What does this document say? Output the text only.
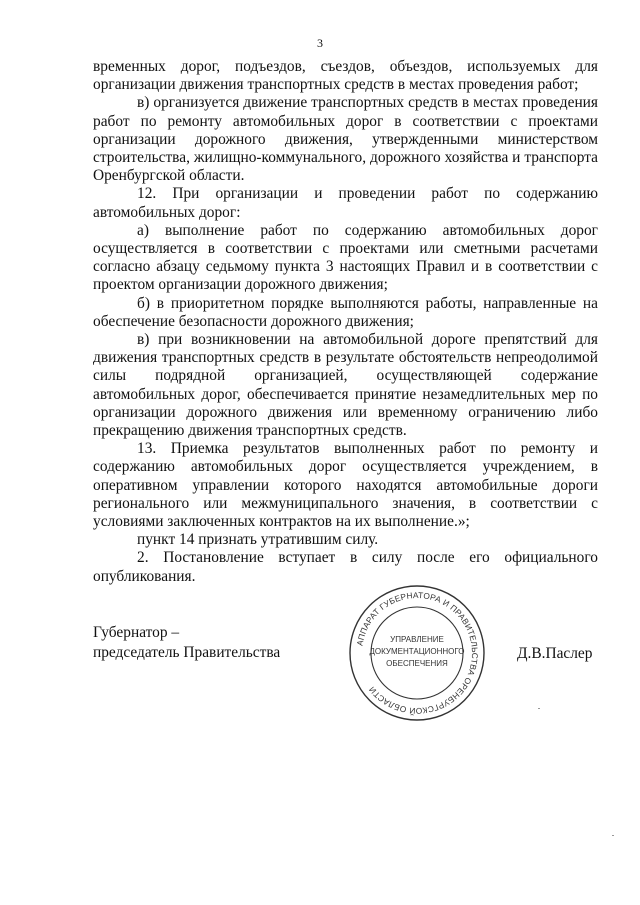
3

временных дорог, подъездов, съездов, объездов, используемых для организации движения транспортных средств в местах проведения работ;

в) организуется движение транспортных средств в местах проведения работ по ремонту автомобильных дорог в соответствии с проектами организации дорожного движения, утвержденными министерством строительства, жилищно-коммунального, дорожного хозяйства и транспорта Оренбургской области.

12. При организации и проведении работ по содержанию автомобильных дорог:

а) выполнение работ по содержанию автомобильных дорог осуществляется в соответствии с проектами или сметными расчетами согласно абзацу седьмому пункта 3 настоящих Правил и в соответствии с проектом организации дорожного движения;

б) в приоритетном порядке выполняются работы, направленные на обеспечение безопасности дорожного движения;

в) при возникновении на автомобильной дороге препятствий для движения транспортных средств в результате обстоятельств непреодолимой силы подрядной организацией, осуществляющей содержание автомобильных дорог, обеспечивается принятие незамедлительных мер по организации дорожного движения или временному ограничению либо прекращению движения транспортных средств.

13. Приемка результатов выполненных работ по ремонту и содержанию автомобильных дорог осуществляется учреждением, в оперативном управлении которого находятся автомобильные дороги регионального или межмуниципального значения, в соответствии с условиями заключенных контрактов на их выполнение.»;

пункт 14 признать утратившим силу.

2. Постановление вступает в силу после его официального опубликования.

Губернатор –
председатель Правительства
АППАРАТ ГУБЕРНАТОРА И ПРАВИТЕЛЬСТВА ОРЕНБУРГСКОЙ ОБЛАСТИ
УПРАВЛЕНИЕ
ДОКУМЕНТАЦИОННОГО
ОБЕСПЕЧЕНИЯ
Д.В.Паслер
